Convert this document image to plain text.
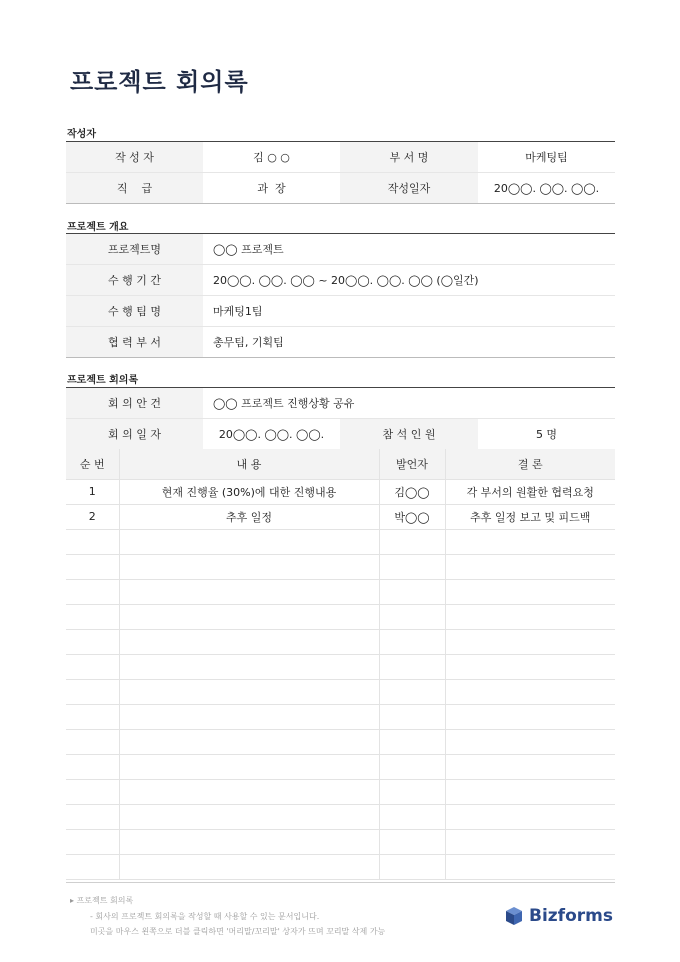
프로젝트 회의록
작성자
작 성 자	김 ○ ○	부 서 명	마케팅팀
직    급	과  장	작성일자	20◯◯. ◯◯. ◯◯.
프로젝트 개요
프로젝트명	◯◯ 프로젝트
수 행 기 간	20◯◯. ◯◯. ◯◯ ~ 20◯◯. ◯◯. ◯◯ (◯일간)
수 행 팀 명	마케팅1팀
협 력 부 서	총무팀, 기획팀
프로젝트 회의록
회 의 안 건	◯◯ 프로젝트 진행상황 공유		
회 의 일 자	20◯◯. ◯◯. ◯◯.	참 석 인 원	5 명
순 번	내 용	발언자	결 론
1	현재 진행율 (30%)에 대한 진행내용	김◯◯	각 부서의 원활한 협력요청
2	추후 일정	박◯◯	추후 일정 보고 및 피드백

▸ 프로젝트 회의록
- 회사의 프로젝트 회의록을 작성할 때 사용할 수 있는 문서입니다.
미곳을 마우스 왼쪽으로 더블 클릭하면 '머리말/꼬리말' 상자가 뜨며 꼬리말 삭제 가능
Bizforms
